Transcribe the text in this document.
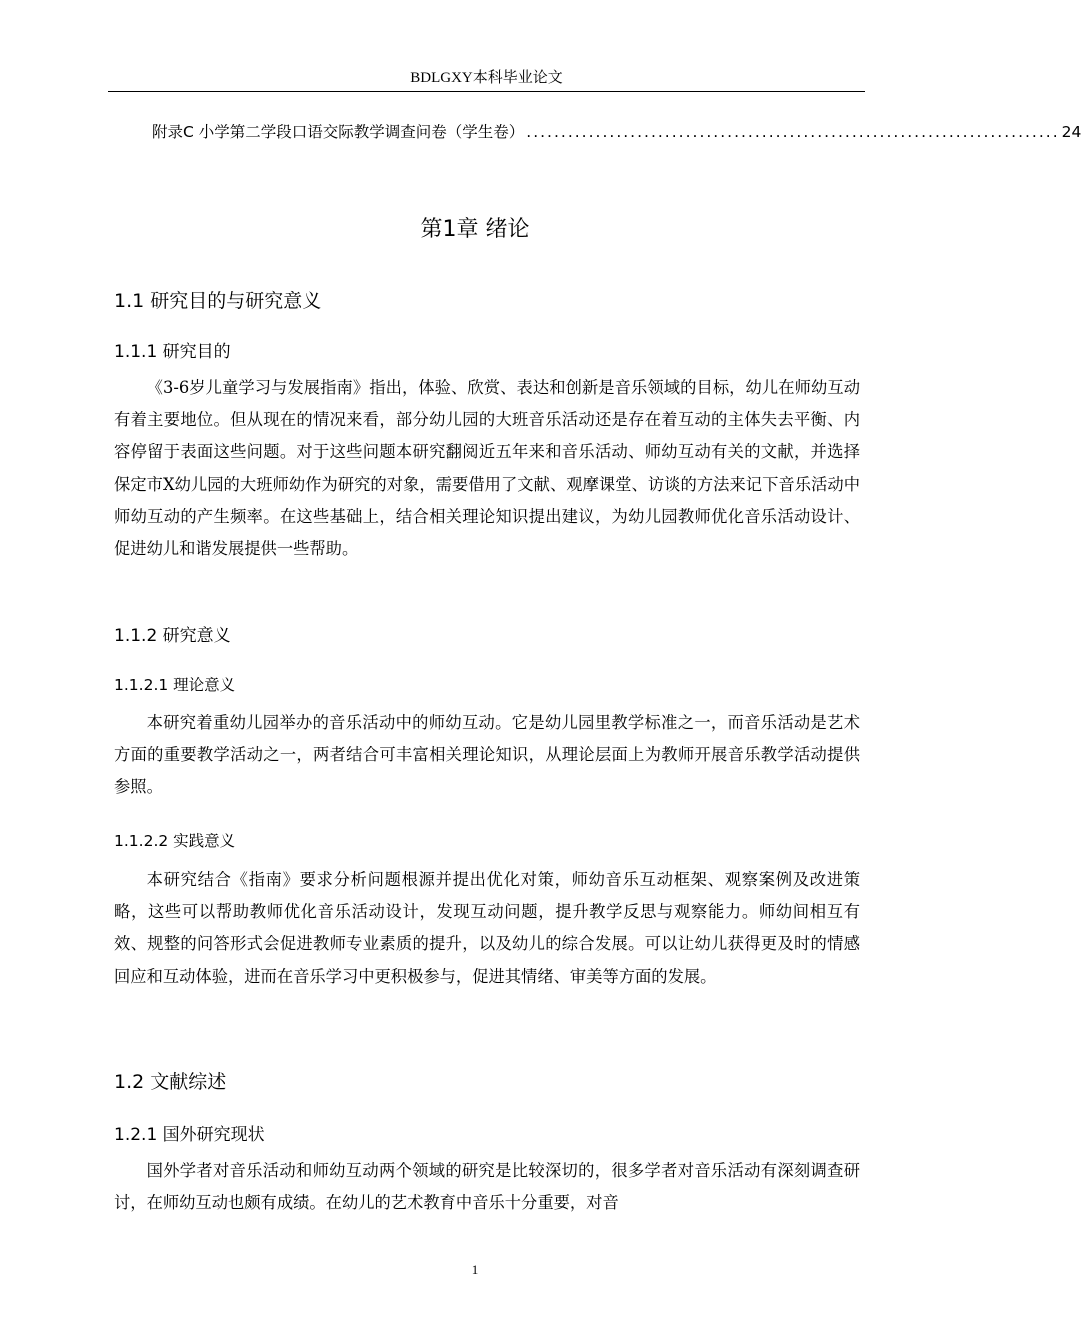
BDLGXY本科毕业论文
附录C 小学第二学段口语交际教学调查问卷（学生卷） ............................................................................. 24
第1章 绪论
1.1 研究目的与研究意义
1.1.1 研究目的
《3-6岁儿童学习与发展指南》指出，体验、欣赏、表达和创新是音乐领域的目标，幼儿在师幼互动有着主要地位。但从现在的情况来看，部分幼儿园的大班音乐活动还是存在着互动的主体失去平衡、内容停留于表面这些问题。对于这些问题本研究翻阅近五年来和音乐活动、师幼互动有关的文献，并选择保定市X幼儿园的大班师幼作为研究的对象，需要借用了文献、观摩课堂、访谈的方法来记下音乐活动中师幼互动的产生频率。在这些基础上，结合相关理论知识提出建议，为幼儿园教师优化音乐活动设计、促进幼儿和谐发展提供一些帮助。
1.1.2 研究意义
1.1.2.1 理论意义
本研究着重幼儿园举办的音乐活动中的师幼互动。它是幼儿园里教学标准之一，而音乐活动是艺术方面的重要教学活动之一，两者结合可丰富相关理论知识，从理论层面上为教师开展音乐教学活动提供参照。
1.1.2.2 实践意义
本研究结合《指南》要求分析问题根源并提出优化对策，师幼音乐互动框架、观察案例及改进策略，这些可以帮助教师优化音乐活动设计，发现互动问题，提升教学反思与观察能力。师幼间相互有效、规整的问答形式会促进教师专业素质的提升，以及幼儿的综合发展。可以让幼儿获得更及时的情感回应和互动体验，进而在音乐学习中更积极参与，促进其情绪、审美等方面的发展。
1.2 文献综述
1.2.1 国外研究现状
国外学者对音乐活动和师幼互动两个领域的研究是比较深切的，很多学者对音乐活动有深刻调查研讨，在师幼互动也颇有成绩。在幼儿的艺术教育中音乐十分重要，对音
1
